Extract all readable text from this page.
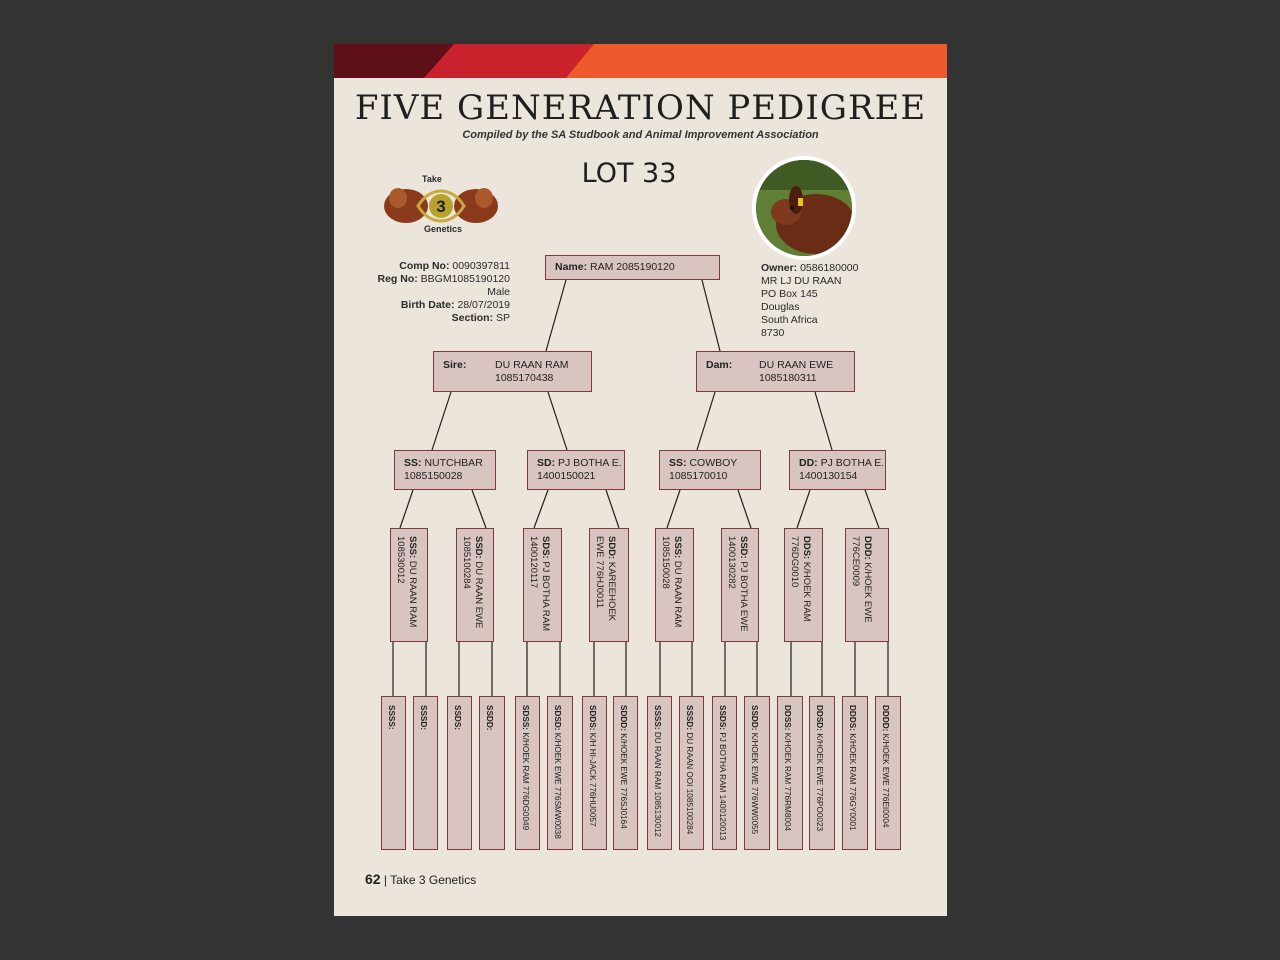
FIVE GENERATION PEDIGREE
Compiled by the SA Studbook and Animal Improvement Association
LOT 33
3
Take
Genetics
Comp No: 0090397811
Reg No: BBGM1085190120
Male
Birth Date: 28/07/2019
Section: SP
Owner: 0586180000
MR LJ DU RAAN
PO Box 145
Douglas
South Africa
8730
Name: RAM 2085190120
Sire:	DU RAAN RAM
1085170438
Dam:	DU RAAN EWE
1085180311
SS: NUTCHBAR
1085150028
SD: PJ BOTHA E.
1400150021
SS: COWBOY
1085170010
DD: PJ BOTHA E.
1400130154
SSS: DU RAAN RAM
108530012	SSD: DU RAAN EWE
1085100284	SDS: PJ BOTHA RAM
1400120117	SDD: KAREEHOEK
EWE 776HJ0011	SSS: DU RAAN RAM
1085150028	SSD: PJ BOTHA EWE
1400130282	DDS: K/HOEK RAM
776DG0010	DDD: K/HOEK EWE
776CE0009
SSSS:	SSSD:	SSDS:	SSDD:	SDSS: K/HOEK RAM 776DG0049
SDSD: K/HOEK EWE 776SMW0038
SDDS: K/H HI-JACK 776HU0057
SDDD: K/HOEK EWE 776SJ0164
SSSS: DU RAAN RAM 1085130012
SSSD: DU RAAN OOI 1085100284
SSDS: PJ BOTHA RAM 1400120013
SSDD: K/HOEK EWE 776WW0055
DDSS: K/HOEK RAM 776RM8004
DDSD: K/HOEK EWE 776PO0023
DDDS: K/HOEK RAM 776GY0001
DDDD: K/HOEK EWE 776EI0004
62 | Take 3 Genetics
